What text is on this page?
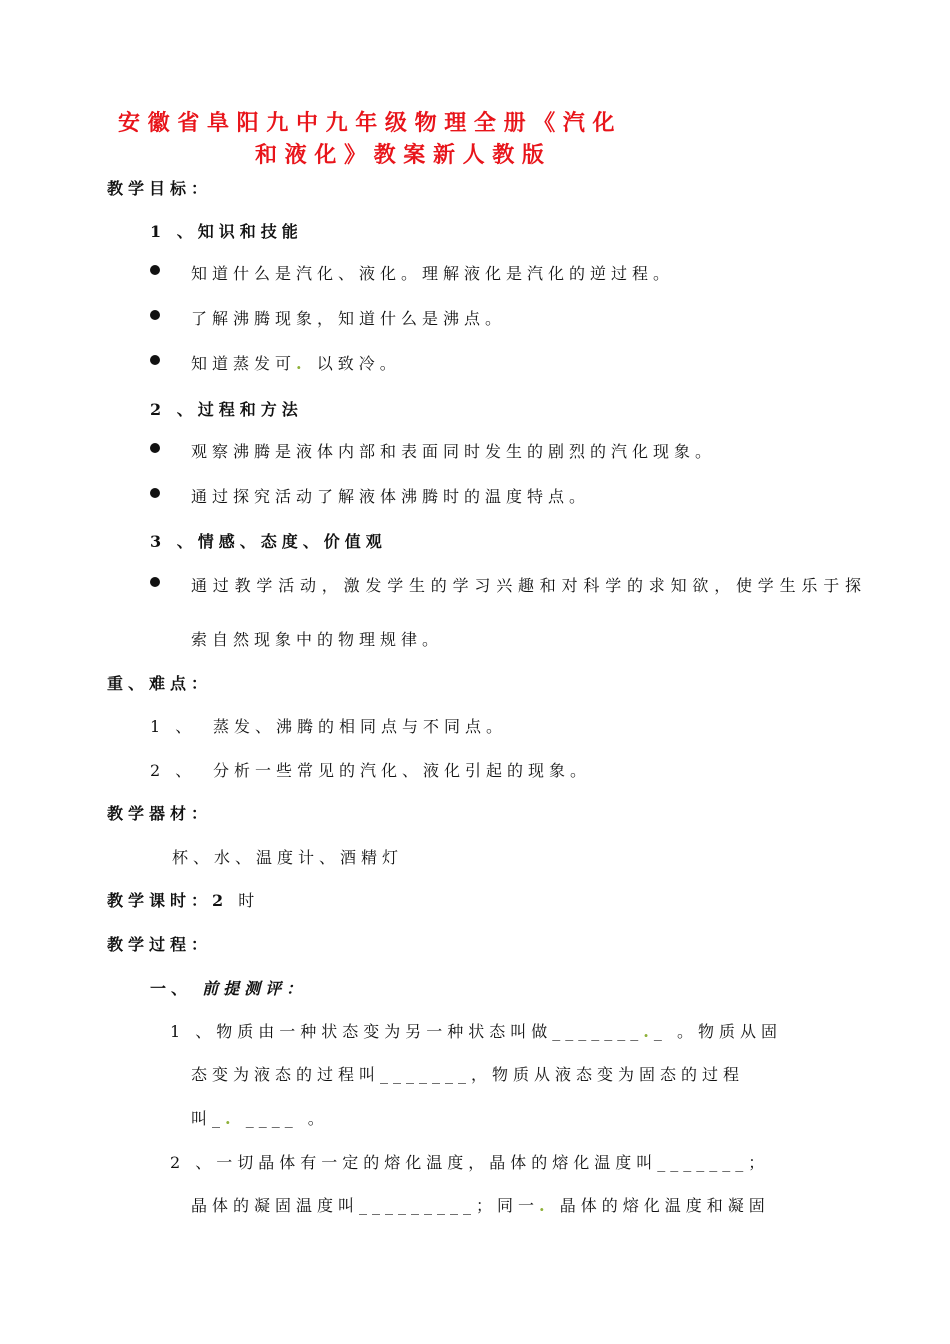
安 徽 省 阜 阳 九 中 九 年 级 物 理 全 册 《 汽 化
和 液 化 》 教 案 新 人 教 版
教学目标：
1 、知识和技能
知道什么是汽化、液化。理解液化是汽化的逆过程。
了解沸腾现象，知道什么是沸点。
知道蒸发可. 以致冷。
2 、过程和方法
观察沸腾是液体内部和表面同时发生的剧烈的汽化现象。
通过探究活动了解液体沸腾时的温度特点。
3 、情感、态度、价值观
通过教学活动，激发学生的学习兴趣和对科学的求知欲，使学生乐于探
索自然现象中的物理规律。
重、难点：
1 、 蒸发、沸腾的相同点与不同点。
2 、 分析一些常见的汽化、液化引起的现象。
教学器材：
杯、水、温度计、酒精灯
教学课时：2 时
教学过程：
一、 前提测评：
1 、物质由一种状态变为另一种状态叫做_______._ 。物质从固
态变为液态的过程叫_______，物质从液态变为固态的过程
叫_. ____ 。
2 、一切晶体有一定的熔化温度，晶体的熔化温度叫_______；
晶体的凝固温度叫_________；同一. 晶体的熔化温度和凝固
